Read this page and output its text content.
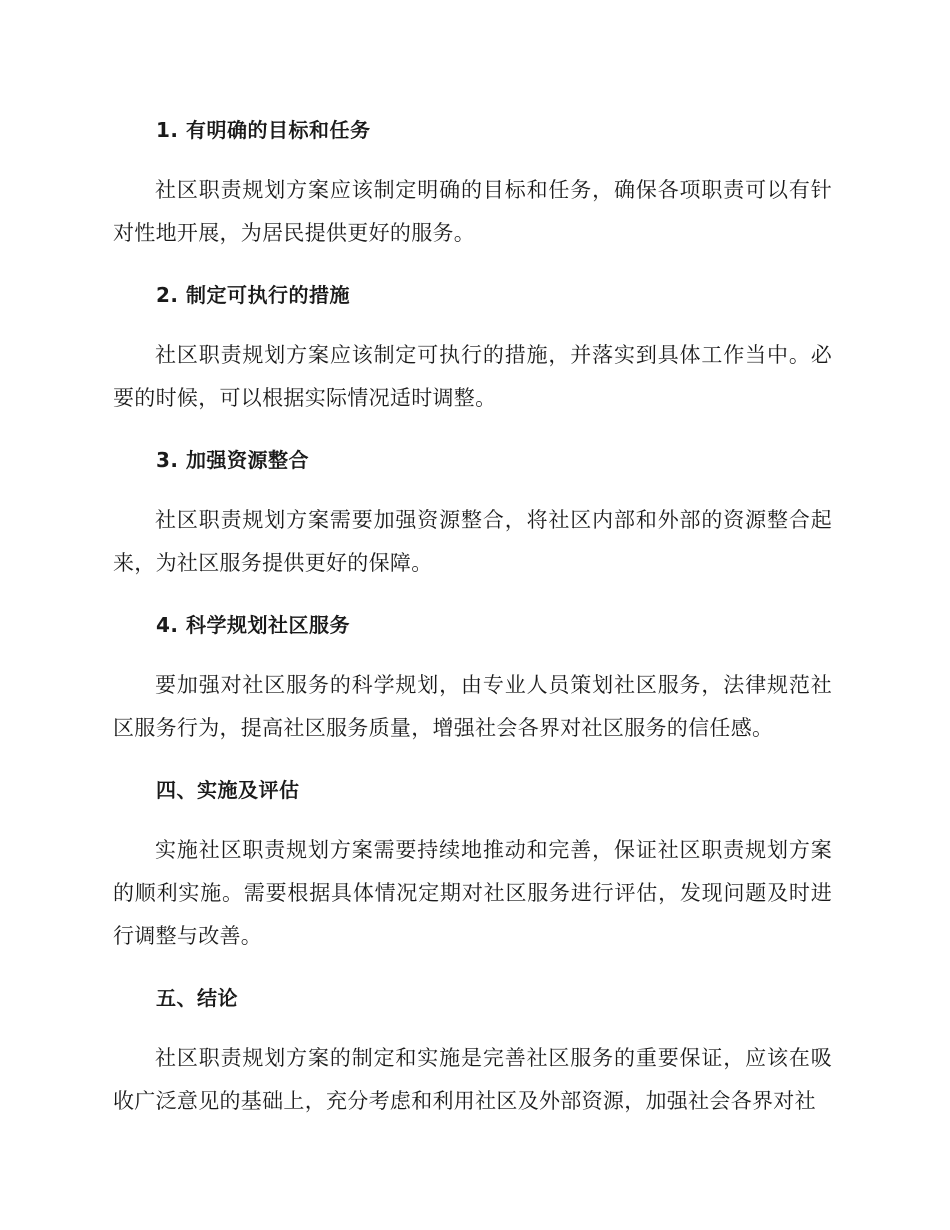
1. 有明确的目标和任务

社区职责规划方案应该制定明确的目标和任务，确保各项职责可以有针对性地开展，为居民提供更好的服务。

2. 制定可执行的措施

社区职责规划方案应该制定可执行的措施，并落实到具体工作当中。必要的时候，可以根据实际情况适时调整。

3. 加强资源整合

社区职责规划方案需要加强资源整合，将社区内部和外部的资源整合起来，为社区服务提供更好的保障。

4. 科学规划社区服务

要加强对社区服务的科学规划，由专业人员策划社区服务，法律规范社区服务行为，提高社区服务质量，增强社会各界对社区服务的信任感。

四、实施及评估

实施社区职责规划方案需要持续地推动和完善，保证社区职责规划方案的顺利实施。需要根据具体情况定期对社区服务进行评估，发现问题及时进行调整与改善。

五、结论

社区职责规划方案的制定和实施是完善社区服务的重要保证，应该在吸收广泛意见的基础上，充分考虑和利用社区及外部资源，加强社会各界对社
